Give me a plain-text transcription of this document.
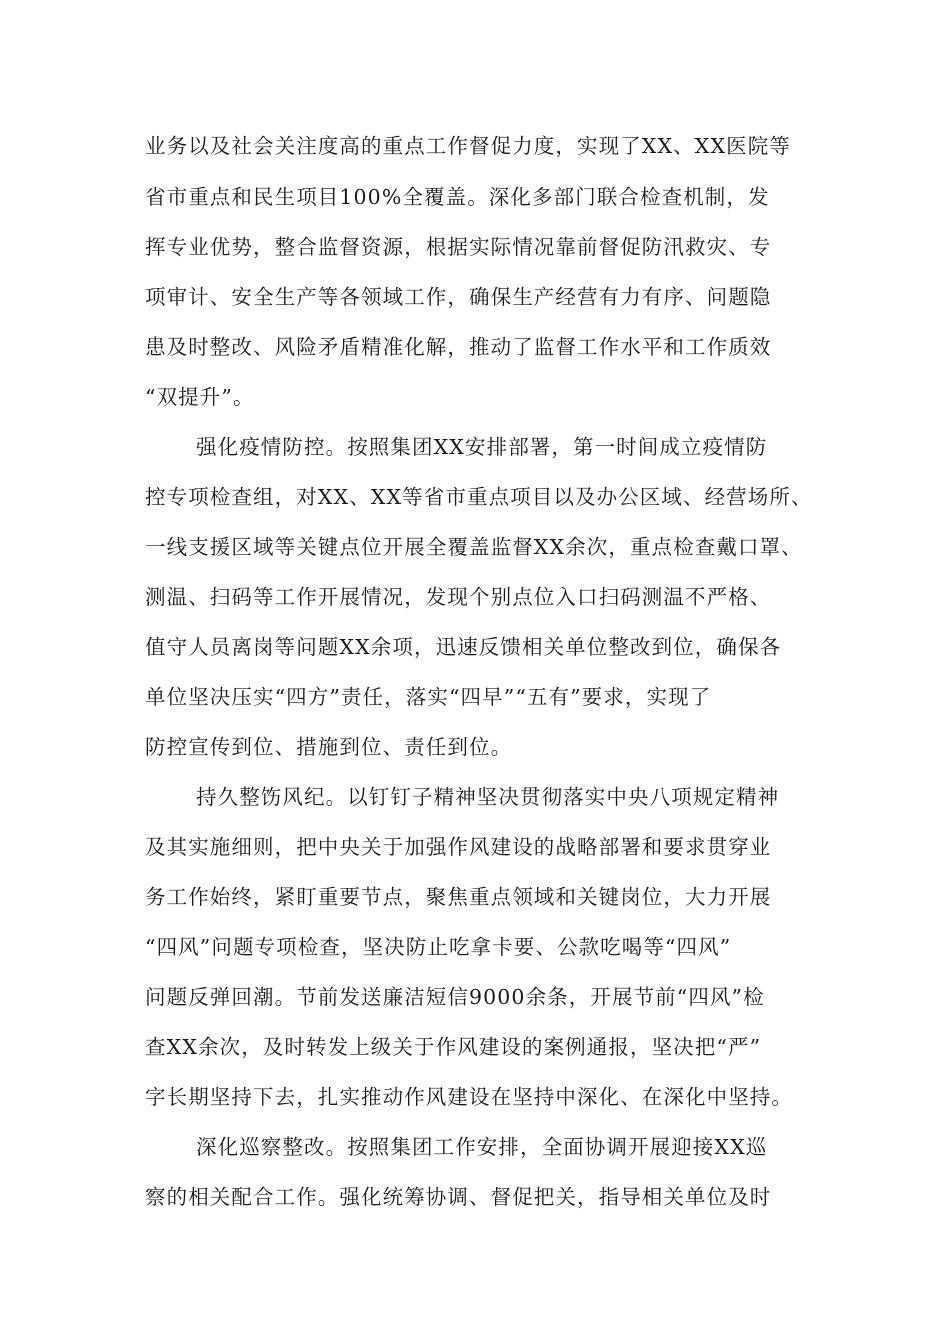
业务以及社会关注度高的重点工作督促力度，实现了XX、XX医院等
省市重点和民生项目100%全覆盖。深化多部门联合检查机制，发
挥专业优势，整合监督资源，根据实际情况靠前督促防汛救灾、专
项审计、安全生产等各领域工作，确保生产经营有力有序、问题隐
患及时整改、风险矛盾精准化解，推动了监督工作水平和工作质效
“双提升”。
强化疫情防控。按照集团XX安排部署，第一时间成立疫情防
控专项检查组，对XX、XX等省市重点项目以及办公区域、经营场所、
一线支援区域等关键点位开展全覆盖监督XX余次，重点检查戴口罩、
测温、扫码等工作开展情况，发现个别点位入口扫码测温不严格、
值守人员离岗等问题XX余项，迅速反馈相关单位整改到位，确保各
单位坚决压实“四方”责任，落实“四早”“五有”要求，实现了
防控宣传到位、措施到位、责任到位。
持久整饬风纪。以钉钉子精神坚决贯彻落实中央八项规定精神
及其实施细则，把中央关于加强作风建设的战略部署和要求贯穿业
务工作始终，紧盯重要节点，聚焦重点领域和关键岗位，大力开展
“四风”问题专项检查，坚决防止吃拿卡要、公款吃喝等“四风”
问题反弹回潮。节前发送廉洁短信9000余条，开展节前“四风”检
查XX余次，及时转发上级关于作风建设的案例通报，坚决把“严”
字长期坚持下去，扎实推动作风建设在坚持中深化、在深化中坚持。
深化巡察整改。按照集团工作安排，全面协调开展迎接XX巡
察的相关配合工作。强化统筹协调、督促把关，指导相关单位及时
